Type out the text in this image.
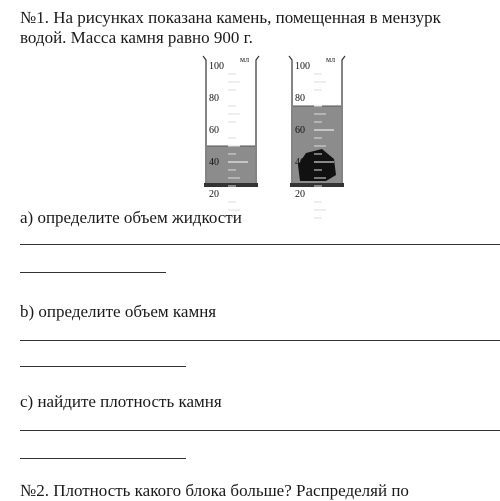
№1. На рисунках показана камень, помещенная в мензурк
водой. Масса камня равно 900 г.
мл
100
80
60
40
20
мл
100
80
60
40
20
a) определите объем жидкости
b) определите объем камня
c) найдите плотность камня
№2. Плотность какого блока больше? Распределяй по
